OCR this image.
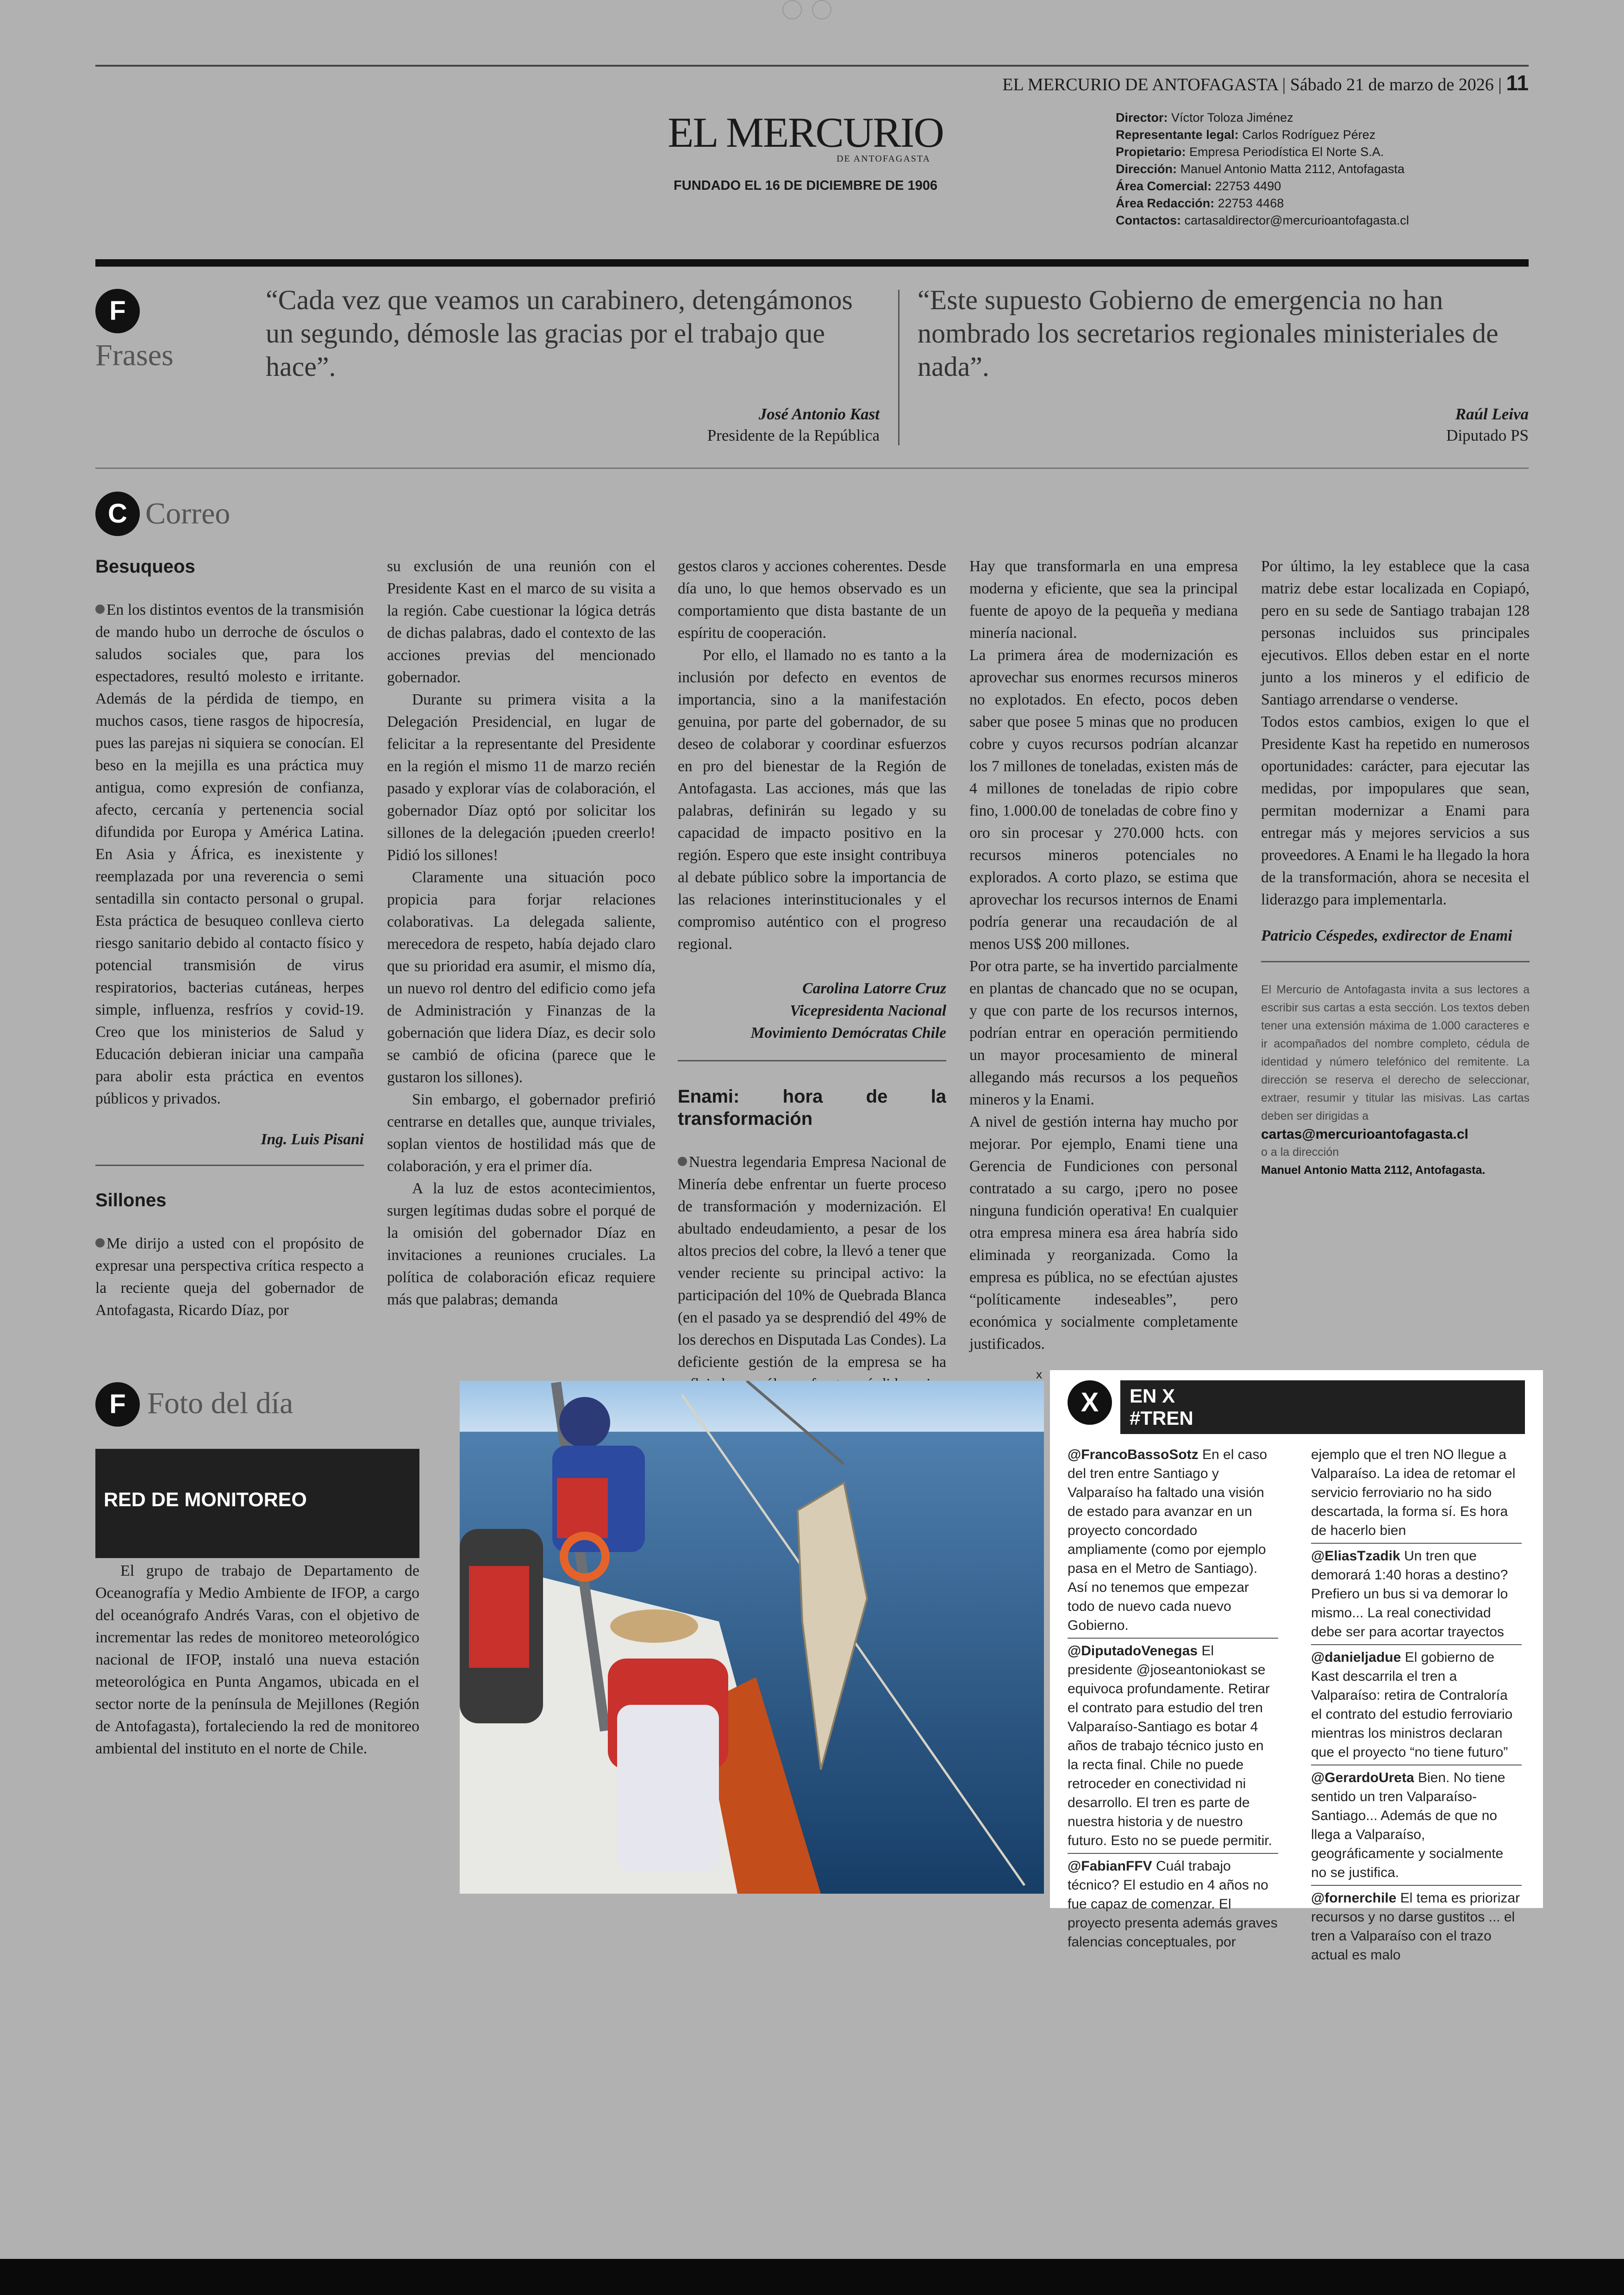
EL MERCURIO DE ANTOFAGASTA | Sábado 21 de marzo de 2026 | 11
EL MERCURIO
DE ANTOFAGASTA
FUNDADO EL 16 DE DICIEMBRE DE 1906
Director: Víctor Toloza Jiménez
Representante legal: Carlos Rodríguez Pérez
Propietario: Empresa Periodística El Norte S.A.
Dirección: Manuel Antonio Matta 2112, Antofagasta
Área Comercial: 22753 4490
Área Redacción: 22753 4468
Contactos: cartasaldirector@mercurioantofagasta.cl
F
Frases
“Cada vez que veamos un carabinero, detengámonos un segundo, démosle las gracias por el trabajo que hace”.
José Antonio Kast
Presidente de la República
“Este supuesto Gobierno de emergencia no han nombrado los secretarios regionales ministeriales de nada”.
Raúl Leiva
Diputado PS
C Correo
Besuqueos

En los distintos eventos de la transmisión de mando hubo un derroche de ósculos o saludos sociales que, para los espectadores, resultó molesto e irritante. Además de la pérdida de tiempo, en muchos casos, tiene rasgos de hipocresía, pues las parejas ni siquiera se conocían. El beso en la mejilla es una práctica muy antigua, como expresión de confianza, afecto, cercanía y pertenencia social difundida por Europa y América Latina. En Asia y África, es inexistente y reemplazada por una reverencia o semi sentadilla sin contacto personal o grupal. Esta práctica de besuqueo conlleva cierto riesgo sanitario debido al contacto físico y potencial transmisión de virus respiratorios, bacterias cutáneas, herpes simple, influenza, resfríos y covid-19. Creo que los ministerios de Salud y Educación debieran iniciar una campaña para abolir esta práctica en eventos públicos y privados.

Ing. Luis Pisani

Sillones

Me dirijo a usted con el propósito de expresar una perspectiva crítica respecto a la reciente queja del gobernador de Antofagasta, Ricardo Díaz, por

su exclusión de una reunión con el Presidente Kast en el marco de su visita a la región. Cabe cuestionar la lógica detrás de dichas palabras, dado el contexto de las acciones previas del mencionado gobernador.

Durante su primera visita a la Delegación Presidencial, en lugar de felicitar a la representante del Presidente en la región el mismo 11 de marzo recién pasado y explorar vías de colaboración, el gobernador Díaz optó por solicitar los sillones de la delegación ¡pueden creerlo! Pidió los sillones!

Claramente una situación poco propicia para forjar relaciones colaborativas. La delegada saliente, merecedora de respeto, había dejado claro que su prioridad era asumir, el mismo día, un nuevo rol dentro del edificio como jefa de Administración y Finanzas de la gobernación que lidera Díaz, es decir solo se cambió de oficina (parece que le gustaron los sillones).

Sin embargo, el gobernador prefirió centrarse en detalles que, aunque triviales, soplan vientos de hostilidad más que de colaboración, y era el primer día.

A la luz de estos acontecimientos, surgen legítimas dudas sobre el porqué de la omisión del gobernador Díaz en invitaciones a reuniones cruciales. La política de colaboración eficaz requiere más que palabras; demanda

gestos claros y acciones coherentes. Desde día uno, lo que hemos observado es un comportamiento que dista bastante de un espíritu de cooperación.

Por ello, el llamado no es tanto a la inclusión por defecto en eventos de importancia, sino a la manifestación genuina, por parte del gobernador, de su deseo de colaborar y coordinar esfuerzos en pro del bienestar de la Región de Antofagasta. Las acciones, más que las palabras, definirán su legado y su capacidad de impacto positivo en la región. Espero que este insight contribuya al debate público sobre la importancia de las relaciones interinstitucionales y el compromiso auténtico con el progreso regional.

Carolina Latorre Cruz

Vicepresidenta Nacional

Movimiento Demócratas Chile

Enami: hora de la transformación

Nuestra legendaria Empresa Nacional de Minería debe enfrentar un fuerte proceso de transformación y modernización. El abultado endeudamiento, a pesar de los altos precios del cobre, la llevó a tener que vender reciente su principal activo: la participación del 10% de Quebrada Blanca (en el pasado ya se desprendió del 49% de los derechos en Disputada Las Condes). La deficiente gestión de la empresa se ha

Hay que transformarla en una empresa moderna y eficiente, que sea la principal fuente de apoyo de la pequeña y mediana minería nacional.

La primera área de modernización es aprovechar sus enormes recursos mineros no explotados. En efecto, pocos deben saber que posee 5 minas que no producen cobre y cuyos recursos podrían alcanzar los 7 millones de toneladas, existen más de 4 millones de toneladas de ripio cobre fino, 1.000.00 de toneladas de cobre fino y oro sin procesar y 270.000 hcts. con recursos mineros potenciales no explorados. A corto plazo, se estima que aprovechar los recursos internos de Enami podría generar una recaudación de al menos US$ 200 millones.

Por otra parte, se ha invertido parcialmente en plantas de chancado que no se ocupan, y que con parte de los recursos internos, podrían entrar en operación permitiendo un mayor procesamiento de mineral allegando más recursos a los pequeños mineros y la Enami.

A nivel de gestión interna hay mucho por mejorar. Por ejemplo, Enami tiene una Gerencia de Fundiciones con personal contratado a su cargo, ¡pero no posee ninguna fundición operativa! En cualquier otra empresa minera esa área habría sido eliminada y reorganizada. Como la empresa es pública, no se efectúan ajustes “políticamente indeseables”, pero económica y socialmente completamente justificados.

Por último, la ley establece que la casa matriz debe estar localizada en Copiapó, pero en su sede de Santiago trabajan 128 personas incluidos sus principales ejecutivos. Ellos deben estar en el norte junto a los mineros y el edificio de Santiago arrendarse o venderse.

Todos estos cambios, exigen lo que el Presidente Kast ha repetido en numerosos oportunidades: carácter, para ejecutar las medidas, por impopulares que sean, permitan modernizar a Enami para entregar más y mejores servicios a sus proveedores. A Enami le ha llegado la hora de la transformación, ahora se necesita el liderazgo para implementarla.

Patricio Céspedes, exdirector de Enami

El Mercurio de Antofagasta invita a sus lectores a escribir sus cartas a esta sección. Los textos deben tener una extensión máxima de 1.000 caracteres e ir acompañados del nombre completo, cédula de identidad y número telefónico del remitente. La dirección se reserva el derecho de seleccionar, extraer, resumir y titular las misivas. Las cartas deben ser dirigidas a
cartas@mercurioantofagasta.cl
o a la dirección
Manuel Antonio Matta 2112, Antofagasta.
F Foto del día
RED DE MONITOREO
El grupo de trabajo de Departamento de Oceanografía y Medio Ambiente de IFOP, a cargo del oceanógrafo Andrés Varas, con el objetivo de incrementar las redes de monitoreo meteorológico nacional de IFOP, instaló una nueva estación meteorológica en Punta Angamos, ubicada en el sector norte de la península de Mejillones (Región de Antofagasta), fortaleciendo la red de monitoreo ambiental del instituto en el norte de Chile.
x
X	EN X
#TREN
@FrancoBassoSotz En el caso del tren entre Santiago y Valparaíso ha faltado una visión de estado para avanzar en un proyecto concordado ampliamente (como por ejemplo pasa en el Metro de Santiago). Así no tenemos que empezar todo de nuevo cada nuevo Gobierno.
@DiputadoVenegas El presidente @joseantoniokast se equivoca profundamente. Retirar el contrato para estudio del tren Valparaíso-Santiago es botar 4 años de trabajo técnico justo en la recta final. Chile no puede retroceder en conectividad ni desarrollo. El tren es parte de nuestra historia y de nuestro futuro. Esto no se puede permitir.
@FabianFFV Cuál trabajo técnico? El estudio en 4 años no fue capaz de comenzar. El proyecto presenta además graves falencias conceptuales, por
ejemplo que el tren NO llegue a Valparaíso. La idea de retomar el servicio ferroviario no ha sido descartada, la forma sí. Es hora de hacerlo bien
@EliasTzadik Un tren que demorará 1:40 horas a destino? Prefiero un bus si va demorar lo mismo... La real conectividad debe ser para acortar trayectos
@danieljadue El gobierno de Kast descarrila el tren a Valparaíso: retira de Contraloría el contrato del estudio ferroviario mientras los ministros declaran que el proyecto “no tiene futuro”
@GerardoUreta Bien. No tiene sentido un tren Valparaíso-Santiago... Además de que no llega a Valparaíso, geográficamente y socialmente no se justifica.
@fornerchile El tema es priorizar recursos y no darse gustitos ... el tren a Valparaíso con el trazo actual es malo
